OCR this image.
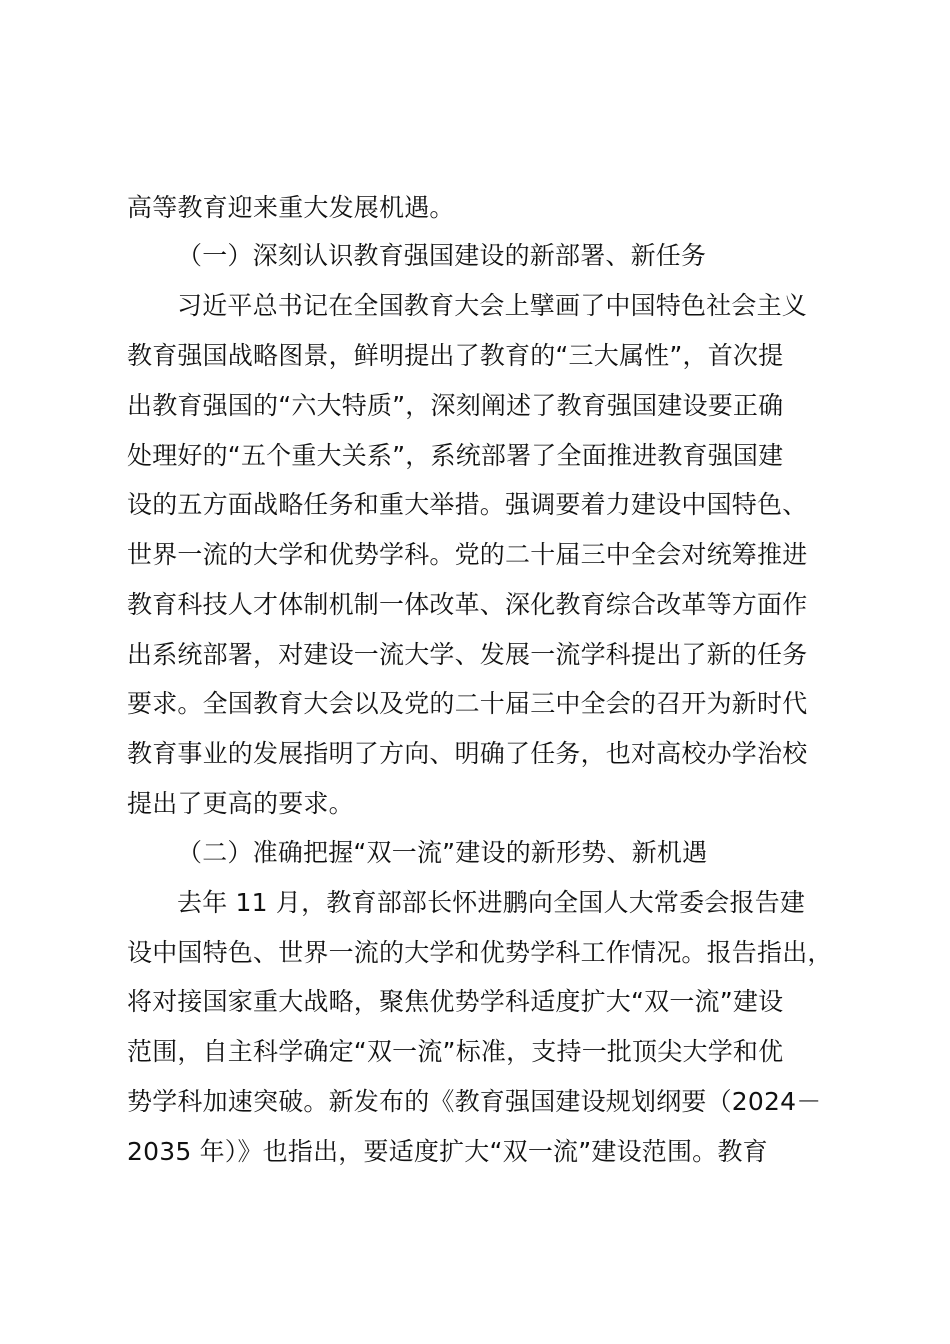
高等教育迎来重大发展机遇。
（一）深刻认识教育强国建设的新部署、新任务
习近平总书记在全国教育大会上擘画了中国特色社会主义
教育强国战略图景，鲜明提出了教育的“三大属性”，首次提
出教育强国的“六大特质”，深刻阐述了教育强国建设要正确
处理好的“五个重大关系”，系统部署了全面推进教育强国建
设的五方面战略任务和重大举措。强调要着力建设中国特色、
世界一流的大学和优势学科。党的二十届三中全会对统筹推进
教育科技人才体制机制一体改革、深化教育综合改革等方面作
出系统部署，对建设一流大学、发展一流学科提出了新的任务
要求。全国教育大会以及党的二十届三中全会的召开为新时代
教育事业的发展指明了方向、明确了任务，也对高校办学治校
提出了更高的要求。
（二）准确把握“双一流”建设的新形势、新机遇
去年 11 月，教育部部长怀进鹏向全国人大常委会报告建
设中国特色、世界一流的大学和优势学科工作情况。报告指出，
将对接国家重大战略，聚焦优势学科适度扩大“双一流”建设
范围，自主科学确定“双一流”标准，支持一批顶尖大学和优
势学科加速突破。新发布的《教育强国建设规划纲要（2024－
2035 年）》也指出，要适度扩大“双一流”建设范围。教育
